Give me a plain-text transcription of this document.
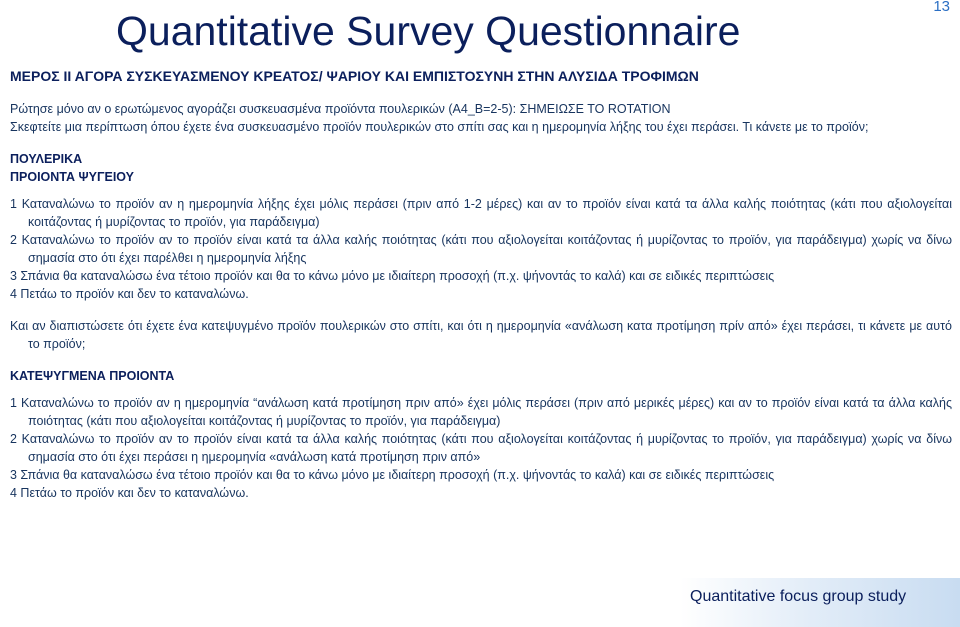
Quantitative Survey Questionnaire
13
ΜΕΡΟΣ ΙΙ ΑΓΟΡΑ ΣΥΣΚΕΥΑΣΜΕΝΟΥ ΚΡΕΑΤΟΣ/ ΨΑΡΙΟΥ ΚΑΙ ΕΜΠΙΣΤΟΣΥΝΗ ΣΤΗΝ ΑΛΥΣΙΔΑ ΤΡΟΦΙΜΩΝ

Ρώτησε μόνο αν ο ερωτώμενος αγοράζει συσκευασμένα προϊόντα πουλερικών (A4_B=2-5): ΣΗΜΕΙΩΣΕ ΤΟ ROTATION

Σκεφτείτε μια περίπτωση όπου έχετε ένα συσκευασμένο προϊόν πουλερικών στο σπίτι σας και η ημερομηνία λήξης του έχει περάσει. Τι κάνετε με το προϊόν;

ΠΟΥΛΕΡΙΚΑ

ΠΡΟΙΟΝΤΑ ΨΥΓΕΙΟΥ

1 Καταναλώνω το προϊόν αν η ημερομηνία λήξης έχει μόλις περάσει (πριν από 1-2 μέρες) και αν το προϊόν είναι κατά τα άλλα καλής ποιότητας (κάτι που αξιολογείται κοιτάζοντας ή μυρίζοντας το προϊόν, για παράδειγμα)

2 Καταναλώνω το προϊόν αν το προϊόν είναι κατά τα άλλα καλής ποιότητας (κάτι που αξιολογείται κοιτάζοντας ή μυρίζοντας το προϊόν, για παράδειγμα) χωρίς να δίνω σημασία στο ότι έχει παρέλθει η ημερομηνία λήξης

3 Σπάνια θα καταναλώσω ένα τέτοιο προϊόν και θα το κάνω μόνο με ιδιαίτερη προσοχή (π.χ. ψήνοντάς το καλά) και σε ειδικές περιπτώσεις

4 Πετάω το προϊόν και δεν το καταναλώνω.

Και αν διαπιστώσετε ότι έχετε ένα κατεψυγμένο προϊόν πουλερικών στο σπίτι, και ότι η ημερομηνία «ανάλωση κατα προτίμηση πρίν από» έχει περάσει, τι κάνετε με αυτό το προϊόν;

ΚΑΤΕΨΥΓΜΕΝΑ ΠΡΟΙΟΝΤΑ

1 Καταναλώνω το προϊόν αν η ημερομηνία “ανάλωση κατά προτίμηση πριν από» έχει μόλις περάσει (πριν από μερικές μέρες) και αν το προϊόν είναι κατά τα άλλα καλής ποιότητας (κάτι που αξιολογείται κοιτάζοντας ή μυρίζοντας το προϊόν, για παράδειγμα)

2 Καταναλώνω το προϊόν αν το προϊόν είναι κατά τα άλλα καλής ποιότητας (κάτι που αξιολογείται κοιτάζοντας ή μυρίζοντας το προϊόν, για παράδειγμα) χωρίς να δίνω σημασία στο ότι έχει περάσει η ημερομηνία «ανάλωση κατά προτίμηση πριν από»

3 Σπάνια θα καταναλώσω ένα τέτοιο προϊόν και θα το κάνω μόνο με ιδιαίτερη προσοχή (π.χ. ψήνοντάς το καλά) και σε ειδικές περιπτώσεις

4 Πετάω το προϊόν και δεν το καταναλώνω.

Quantitative focus group study
